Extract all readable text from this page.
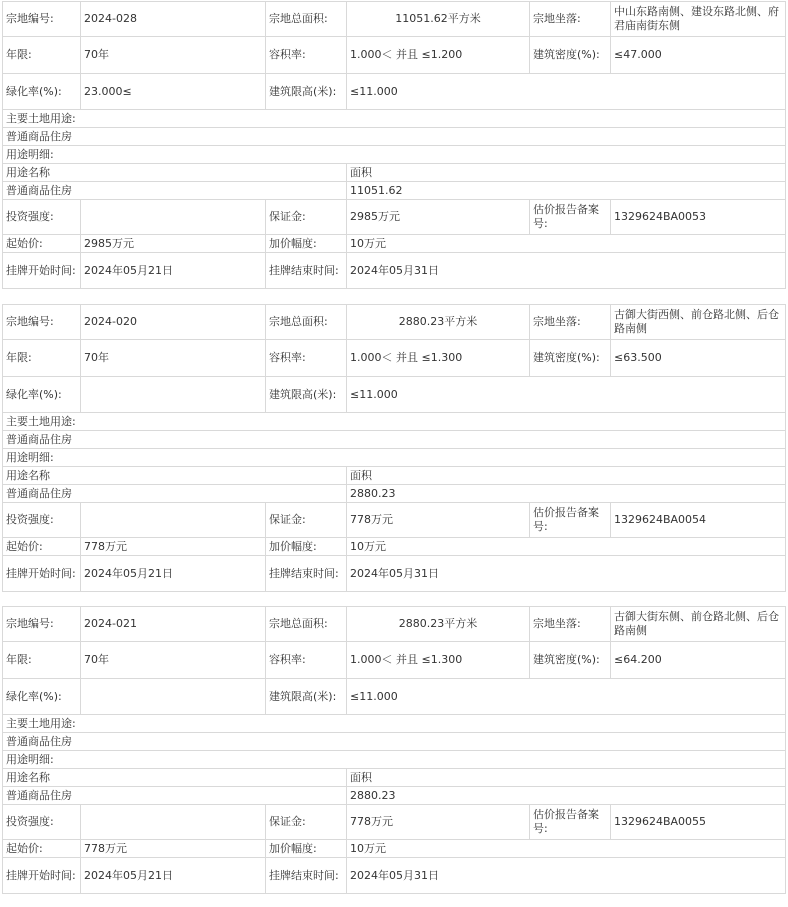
宗地编号:	2024-028	宗地总面积:	11051.62平方米	宗地坐落:	中山东路南侧、建设东路北侧、府君庙南街东侧
年限:	70年	容积率:	1.000＜ 并且 ≤1.200	建筑密度(%):	≤47.000
绿化率(%):	23.000≤	建筑限高(米):	≤11.000		
主要土地用途:					
普通商品住房					
用途明细:					
用途名称			面积		
普通商品住房			11051.62		
投资强度:		保证金:	2985万元	估价报告备案号:	1329624BA0053
起始价:	2985万元	加价幅度:	10万元		
挂牌开始时间:	2024年05月21日	挂牌结束时间:	2024年05月31日		
宗地编号:	2024-020	宗地总面积:	2880.23平方米	宗地坐落:	古御大街西侧、前仓路北侧、后仓路南侧
年限:	70年	容积率:	1.000＜ 并且 ≤1.300	建筑密度(%):	≤63.500
绿化率(%):		建筑限高(米):	≤11.000		
主要土地用途:					
普通商品住房					
用途明细:					
用途名称			面积		
普通商品住房			2880.23		
投资强度:		保证金:	778万元	估价报告备案号:	1329624BA0054
起始价:	778万元	加价幅度:	10万元		
挂牌开始时间:	2024年05月21日	挂牌结束时间:	2024年05月31日		
宗地编号:	2024-021	宗地总面积:	2880.23平方米	宗地坐落:	古御大街东侧、前仓路北侧、后仓路南侧
年限:	70年	容积率:	1.000＜ 并且 ≤1.300	建筑密度(%):	≤64.200
绿化率(%):		建筑限高(米):	≤11.000		
主要土地用途:					
普通商品住房					
用途明细:					
用途名称			面积		
普通商品住房			2880.23		
投资强度:		保证金:	778万元	估价报告备案号:	1329624BA0055
起始价:	778万元	加价幅度:	10万元		
挂牌开始时间:	2024年05月21日	挂牌结束时间:	2024年05月31日		
